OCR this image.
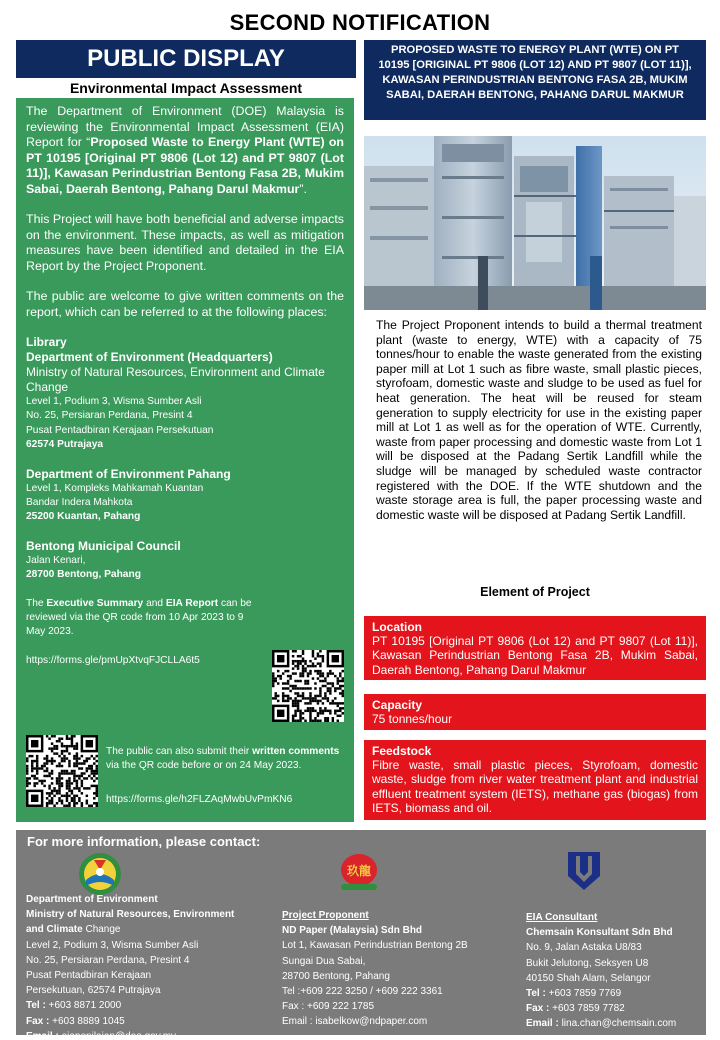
SECOND NOTIFICATION
PUBLIC DISPLAY
Environmental Impact Assessment

The Department of Environment (DOE) Malaysia is reviewing the Environmental Impact Assessment (EIA) Report for “Proposed Waste to Energy Plant (WTE) on PT 10195 [Original PT 9806 (Lot 12) and PT 9807 (Lot 11)], Kawasan Perindustrian Bentong Fasa 2B, Mukim Sabai, Daerah Bentong, Pahang Darul Makmur”.

This Project will have both beneficial and adverse impacts on the environment. These impacts, as well as mitigation measures have been identified and detailed in the EIA Report by the Project Proponent.

The public are welcome to give written comments on the report, which can be referred to at the following places:

Library
Department of Environment (Headquarters)
Ministry of Natural Resources, Environment and Climate Change
Level 1, Podium 3, Wisma Sumber Asli
No. 25, Persiaran Perdana, Presint 4
Pusat Pentadbiran Kerajaan Persekutuan
62574 Putrajaya
Department of Environment Pahang
Level 1, Kompleks Mahkamah Kuantan
Bandar Indera Mahkota
25200 Kuantan, Pahang
Bentong Municipal Council
Jalan Kenari,
28700 Bentong, Pahang
The Executive Summary and EIA Report can be reviewed via the QR code from 10 Apr 2023 to 9 May 2023.
https://forms.gle/pmUpXtvqFJCLLA6t5
The public can also submit their written comments via the QR code before or on 24 May 2023.
https://forms.gle/h2FLZAqMwbUvPmKN6
PROPOSED WASTE TO ENERGY PLANT (WTE) ON PT 10195 [ORIGINAL PT 9806 (LOT 12) AND PT 9807 (LOT 11)], KAWASAN PERINDUSTRIAN BENTONG FASA 2B, MUKIM SABAI, DAERAH BENTONG, PAHANG DARUL MAKMUR
The Project Proponent intends to build a thermal treatment plant (waste to energy, WTE) with a capacity of 75 tonnes/hour to enable the waste generated from the existing paper mill at Lot 1 such as fibre waste, small plastic pieces, styrofoam, domestic waste and sludge to be used as fuel for heat generation. The heat will be reused for steam generation to supply electricity for use in the existing paper mill at Lot 1 as well as for the operation of WTE. Currently, waste from paper processing and domestic waste from Lot 1 will be disposed at the Padang Sertik Landfill while the sludge will be managed by scheduled waste contractor registered with the DOE. If the WTE shutdown and the waste storage area is full, the paper processing waste and domestic waste will be disposed at Padang Sertik Landfill.
Element of Project
Location
PT 10195 [Original PT 9806 (Lot 12) and PT 9807 (Lot 11)], Kawasan Perindustrian Bentong Fasa 2B, Mukim Sabai, Daerah Bentong, Pahang Darul Makmur
Capacity
75 tonnes/hour
Feedstock
Fibre waste, small plastic pieces, Styrofoam, domestic waste, sludge from river water treatment plant and industrial effluent treatment system (IETS), methane gas (biogas) from IETS, biomass and oil.
For more information, please contact:
玖龍
Department of Environment
Ministry of Natural Resources, Environment and Climate Change
Level 2, Podium 3, Wisma Sumber Asli
No. 25, Persiaran Perdana, Presint 4
Pusat Pentadbiran Kerajaan
Persekutuan, 62574 Putrajaya
Tel : +603 8871 2000
Fax : +603 8889 1045
Email : eiapenilaian@doe.gov.my
Project Proponent
ND Paper (Malaysia) Sdn Bhd
Lot 1, Kawasan Perindustrian Bentong 2B
Sungai Dua Sabai,
28700 Bentong, Pahang
Tel :+609 222 3250 / +609 222 3361
Fax : +609 222 1785
Email : isabelkow@ndpaper.com
EIA Consultant
Chemsain Konsultant Sdn Bhd
No. 9, Jalan Astaka U8/83
Bukit Jelutong, Seksyen U8
40150 Shah Alam, Selangor
Tel : +603 7859 7769
Fax : +603 7859 7782
Email : lina.chan@chemsain.com
